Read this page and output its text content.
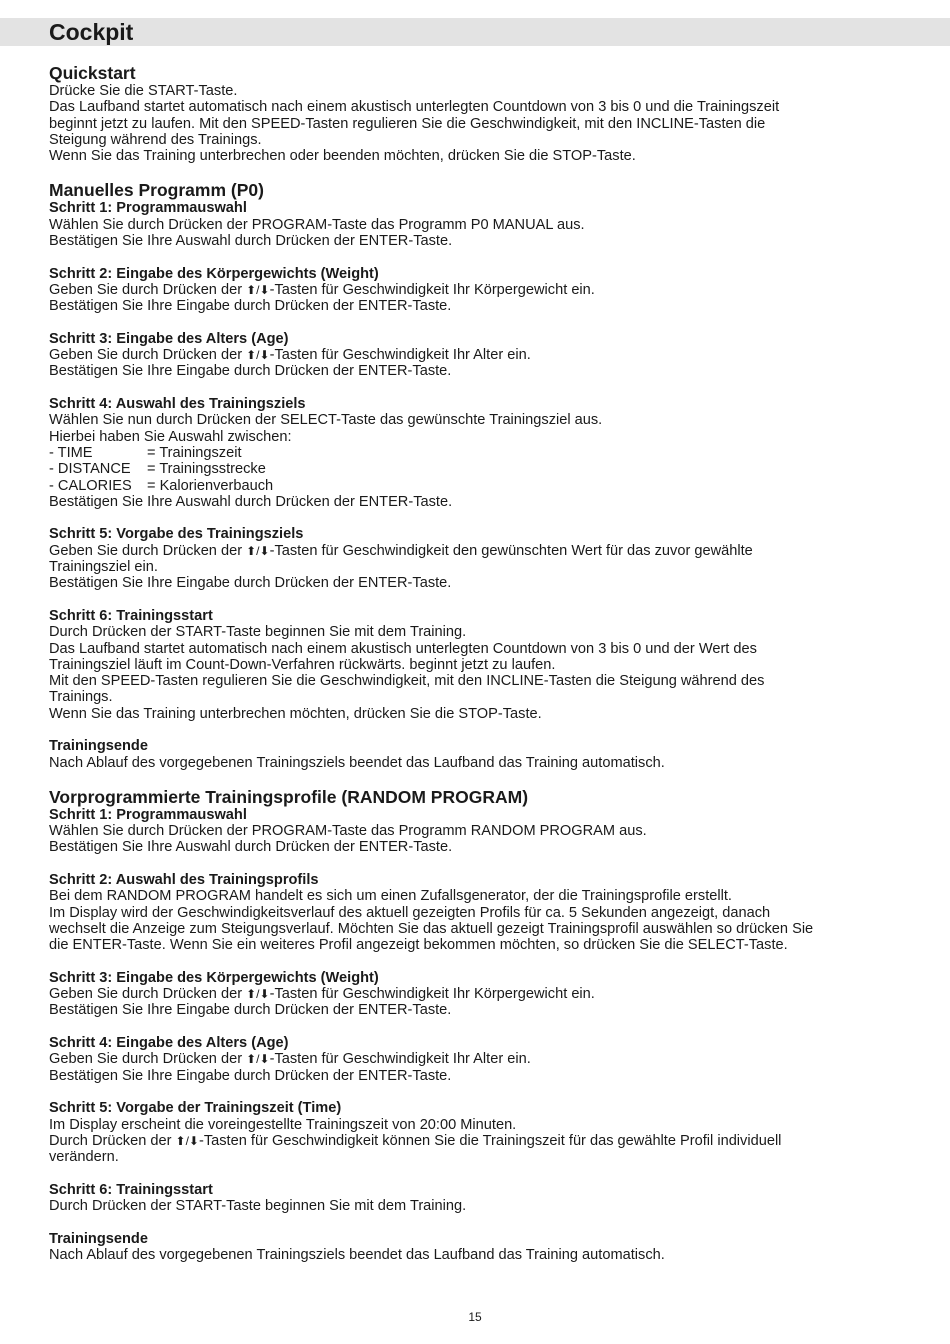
Cockpit
Quickstart
Drücke Sie die START-Taste.
Das Laufband startet automatisch nach einem akustisch unterlegten Countdown von 3 bis 0 und die Trainingszeit
beginnt jetzt zu laufen. Mit den SPEED-Tasten regulieren Sie die Geschwindigkeit, mit den INCLINE-Tasten die
Steigung während des Trainings.
Wenn Sie das Training unterbrechen oder beenden möchten, drücken Sie die STOP-Taste.
Manuelles Programm (P0)
Schritt 1: Programmauswahl
Wählen Sie durch Drücken der PROGRAM-Taste das Programm P0 MANUAL aus.
Bestätigen Sie Ihre Auswahl durch Drücken der ENTER-Taste.
Schritt 2: Eingabe des Körpergewichts (Weight)
Geben Sie durch Drücken der ⬆/⬇-Tasten für Geschwindigkeit Ihr Körpergewicht ein.
Bestätigen Sie Ihre Eingabe durch Drücken der ENTER-Taste.
Schritt 3: Eingabe des Alters (Age)
Geben Sie durch Drücken der ⬆/⬇-Tasten für Geschwindigkeit Ihr Alter ein.
Bestätigen Sie Ihre Eingabe durch Drücken der ENTER-Taste.
Schritt 4: Auswahl des Trainingsziels
Wählen Sie nun durch Drücken der SELECT-Taste das gewünschte Trainingsziel aus.
Hierbei haben Sie Auswahl zwischen:
- TIME	= Trainingszeit
- DISTANCE = Trainingsstrecke
- CALORIES = Kalorienverbauch
Bestätigen Sie Ihre Auswahl durch Drücken der ENTER-Taste.
Schritt 5: Vorgabe des Trainingsziels
Geben Sie durch Drücken der ⬆/⬇-Tasten für Geschwindigkeit den gewünschten Wert für das zuvor gewählte
Trainingsziel ein.
Bestätigen Sie Ihre Eingabe durch Drücken der ENTER-Taste.
Schritt 6: Trainingsstart
Durch Drücken der START-Taste beginnen Sie mit dem Training.
Das Laufband startet automatisch nach einem akustisch unterlegten Countdown von 3 bis 0 und der Wert des
Trainingsziel läuft im Count-Down-Verfahren rückwärts. beginnt jetzt zu laufen.
Mit den SPEED-Tasten regulieren Sie die Geschwindigkeit, mit den INCLINE-Tasten die Steigung während des
Trainings.
Wenn Sie das Training unterbrechen möchten, drücken Sie die STOP-Taste.
Trainingsende
Nach Ablauf des vorgegebenen Trainingsziels beendet das Laufband das Training automatisch.
Vorprogrammierte Trainingsprofile (RANDOM PROGRAM)
Schritt 1: Programmauswahl
Wählen Sie durch Drücken der PROGRAM-Taste das Programm RANDOM PROGRAM aus.
Bestätigen Sie Ihre Auswahl durch Drücken der ENTER-Taste.
Schritt 2: Auswahl des Trainingsprofils
Bei dem RANDOM PROGRAM handelt es sich um einen Zufallsgenerator, der die Trainingsprofile erstellt.
Im Display wird der Geschwindigkeitsverlauf des aktuell gezeigten Profils für ca. 5 Sekunden angezeigt, danach
wechselt die Anzeige zum Steigungsverlauf. Möchten Sie das aktuell gezeigt Trainingsprofil auswählen so drücken Sie
die ENTER-Taste. Wenn Sie ein weiteres Profil angezeigt bekommen möchten, so drücken Sie die SELECT-Taste.
Schritt 3: Eingabe des Körpergewichts (Weight)
Geben Sie durch Drücken der ⬆/⬇-Tasten für Geschwindigkeit Ihr Körpergewicht ein.
Bestätigen Sie Ihre Eingabe durch Drücken der ENTER-Taste.
Schritt 4: Eingabe des Alters (Age)
Geben Sie durch Drücken der ⬆/⬇-Tasten für Geschwindigkeit Ihr Alter ein.
Bestätigen Sie Ihre Eingabe durch Drücken der ENTER-Taste.
Schritt 5: Vorgabe der Trainingszeit (Time)
Im Display erscheint die voreingestellte Trainingszeit von 20:00 Minuten.
Durch Drücken der ⬆/⬇-Tasten für Geschwindigkeit können Sie die Trainingszeit für das gewählte Profil individuell
verändern.
Schritt 6: Trainingsstart
Durch Drücken der START-Taste beginnen Sie mit dem Training.
Trainingsende
Nach Ablauf des vorgegebenen Trainingsziels beendet das Laufband das Training automatisch.
15
